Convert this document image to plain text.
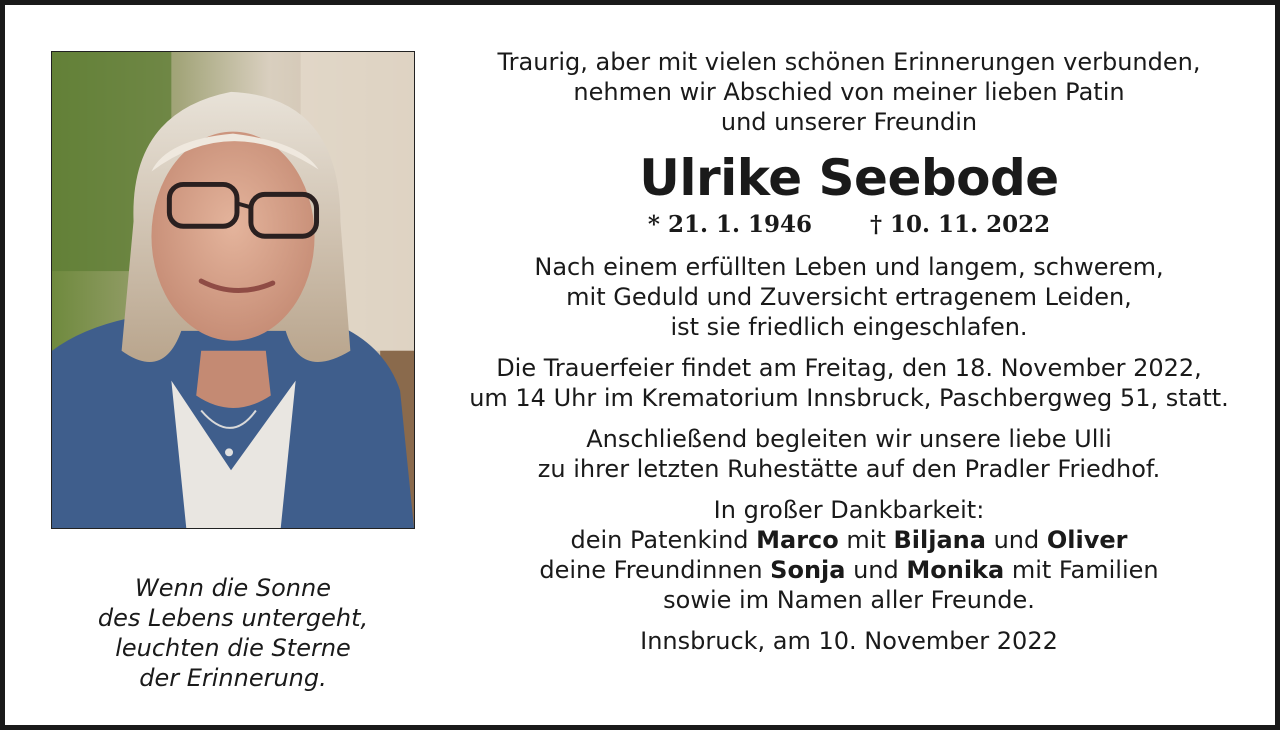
Wenn die Sonne
des Lebens untergeht,
leuchten die Sterne
der Erinnerung.
Traurig, aber mit vielen schönen Erinnerungen verbunden,
nehmen wir Abschied von meiner lieben Patin
und unserer Freundin
Ulrike Seebode
* 21. 1. 1946	† 10. 11. 2022
Nach einem erfüllten Leben und langem, schwerem,
mit Geduld und Zuversicht ertragenem Leiden,
ist sie friedlich eingeschlafen.
Die Trauerfeier findet am Freitag, den 18. November 2022,
um 14 Uhr im Krematorium Innsbruck, Paschbergweg 51, statt.
Anschließend begleiten wir unsere liebe Ulli
zu ihrer letzten Ruhestätte auf den Pradler Friedhof.
In großer Dankbarkeit:
dein Patenkind Marco mit Biljana und Oliver
deine Freundinnen Sonja und Monika mit Familien
sowie im Namen aller Freunde.
Innsbruck, am 10. November 2022
